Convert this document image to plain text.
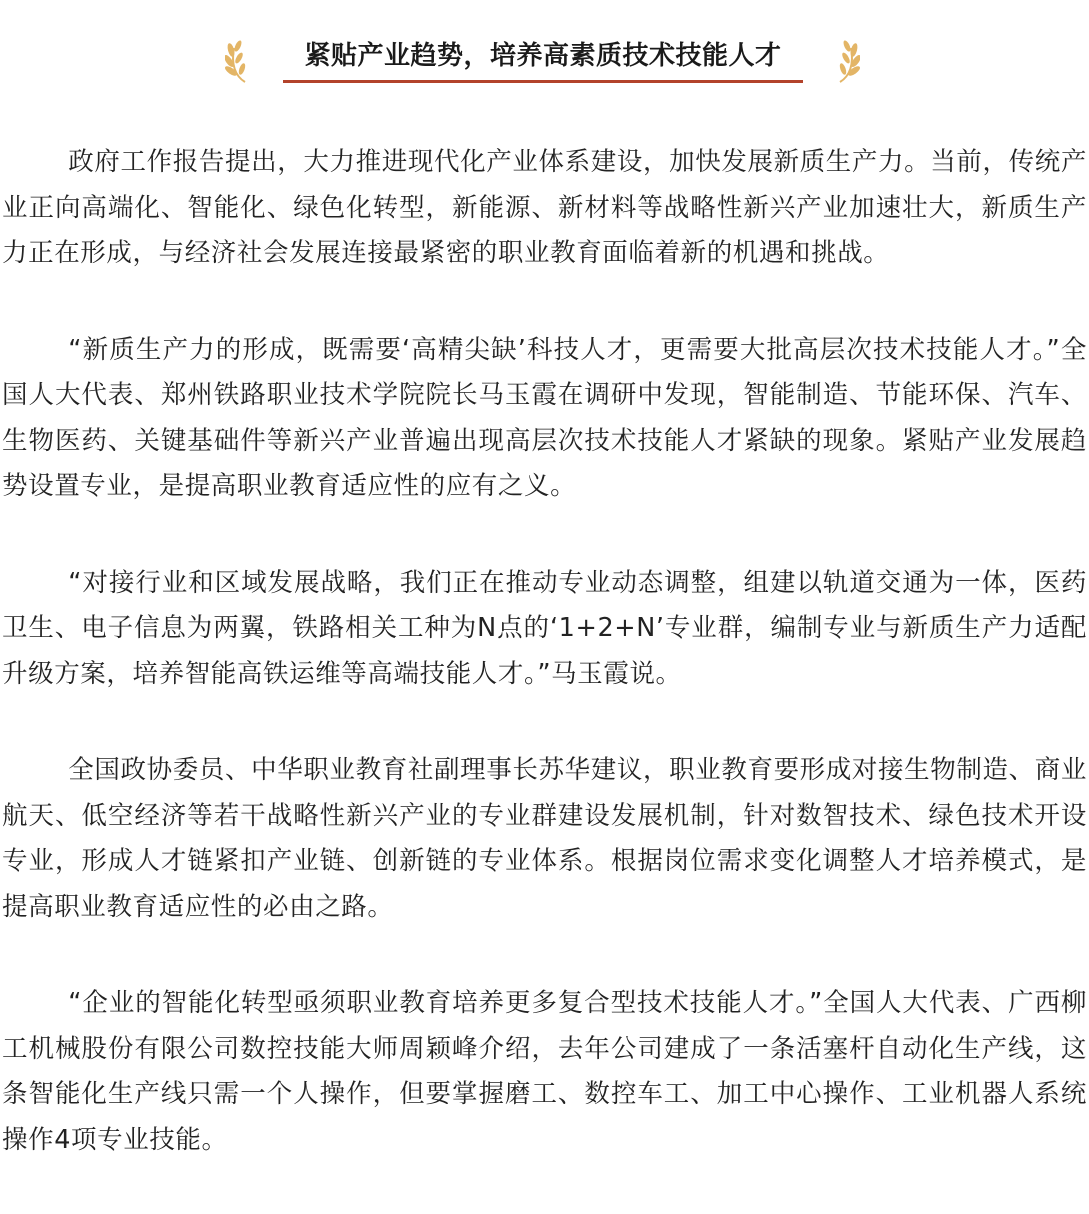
紧贴产业趋势，培养高素质技术技能人才

政府工作报告提出，大力推进现代化产业体系建设，加快发展新质生产力。当前，传统产业正向高端化、智能化、绿色化转型，新能源、新材料等战略性新兴产业加速壮大，新质生产力正在形成，与经济社会发展连接最紧密的职业教育面临着新的机遇和挑战。

“新质生产力的形成，既需要‘高精尖缺’科技人才，更需要大批高层次技术技能人才。”全国人大代表、郑州铁路职业技术学院院长马玉霞在调研中发现，智能制造、节能环保、汽车、生物医药、关键基础件等新兴产业普遍出现高层次技术技能人才紧缺的现象。紧贴产业发展趋势设置专业，是提高职业教育适应性的应有之义。

“对接行业和区域发展战略，我们正在推动专业动态调整，组建以轨道交通为一体，医药卫生、电子信息为两翼，铁路相关工种为N点的‘1+2+N’专业群，编制专业与新质生产力适配升级方案，培养智能高铁运维等高端技能人才。”马玉霞说。

全国政协委员、中华职业教育社副理事长苏华建议，职业教育要形成对接生物制造、商业航天、低空经济等若干战略性新兴产业的专业群建设发展机制，针对数智技术、绿色技术开设专业，形成人才链紧扣产业链、创新链的专业体系。根据岗位需求变化调整人才培养模式，是提高职业教育适应性的必由之路。

“企业的智能化转型亟须职业教育培养更多复合型技术技能人才。”全国人大代表、广西柳工机械股份有限公司数控技能大师周颖峰介绍，去年公司建成了一条活塞杆自动化生产线，这条智能化生产线只需一个人操作，但要掌握磨工、数控车工、加工中心操作、工业机器人系统操作4项专业技能。
